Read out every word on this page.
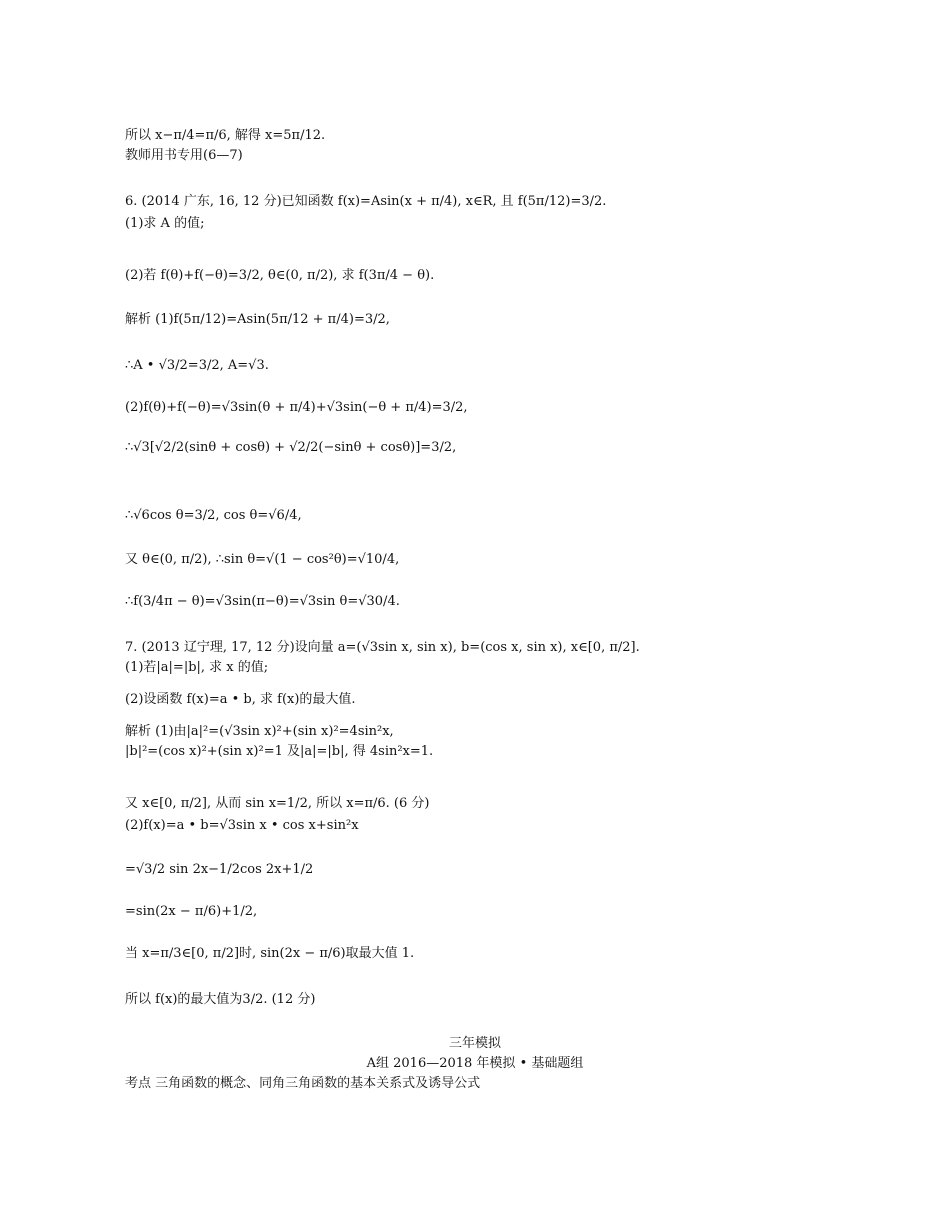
所以 x−π/4=π/6, 解得 x=5π/12.
教师用书专用(6—7)
6. (2014 广东, 16, 12 分)已知函数 f(x)=Asin(x + π/4), x∈R, 且 f(5π/12)=3/2.
(1)求 A 的值;
(2)若 f(θ)+f(−θ)=3/2, θ∈(0, π/2), 求 f(3π/4 − θ).
解析 (1)f(5π/12)=Asin(5π/12 + π/4)=3/2,
∴A • √3/2=3/2, A=√3.
(2)f(θ)+f(−θ)=√3sin(θ + π/4)+√3sin(−θ + π/4)=3/2,
∴√3[√2/2(sinθ + cosθ) + √2/2(−sinθ + cosθ)]=3/2,
∴√6cos θ=3/2, cos θ=√6/4,
又 θ∈(0, π/2), ∴sin θ=√(1 − cos²θ)=√10/4,
∴f(3/4π − θ)=√3sin(π−θ)=√3sin θ=√30/4.
7. (2013 辽宁理, 17, 12 分)设向量 a=(√3sin x, sin x), b=(cos x, sin x), x∈[0, π/2].
(1)若|a|=|b|, 求 x 的值;
(2)设函数 f(x)=a • b, 求 f(x)的最大值.
解析 (1)由|a|²=(√3sin x)²+(sin x)²=4sin²x,
|b|²=(cos x)²+(sin x)²=1 及|a|=|b|, 得 4sin²x=1.
又 x∈[0, π/2], 从而 sin x=1/2, 所以 x=π/6. (6 分)
(2)f(x)=a • b=√3sin x • cos x+sin²x
=√3/2 sin 2x−1/2cos 2x+1/2
=sin(2x − π/6)+1/2,
当 x=π/3∈[0, π/2]时, sin(2x − π/6)取最大值 1.
所以 f(x)的最大值为3/2. (12 分)
三年模拟
A组 2016—2018 年模拟 • 基础题组
考点 三角函数的概念、同角三角函数的基本关系式及诱导公式
